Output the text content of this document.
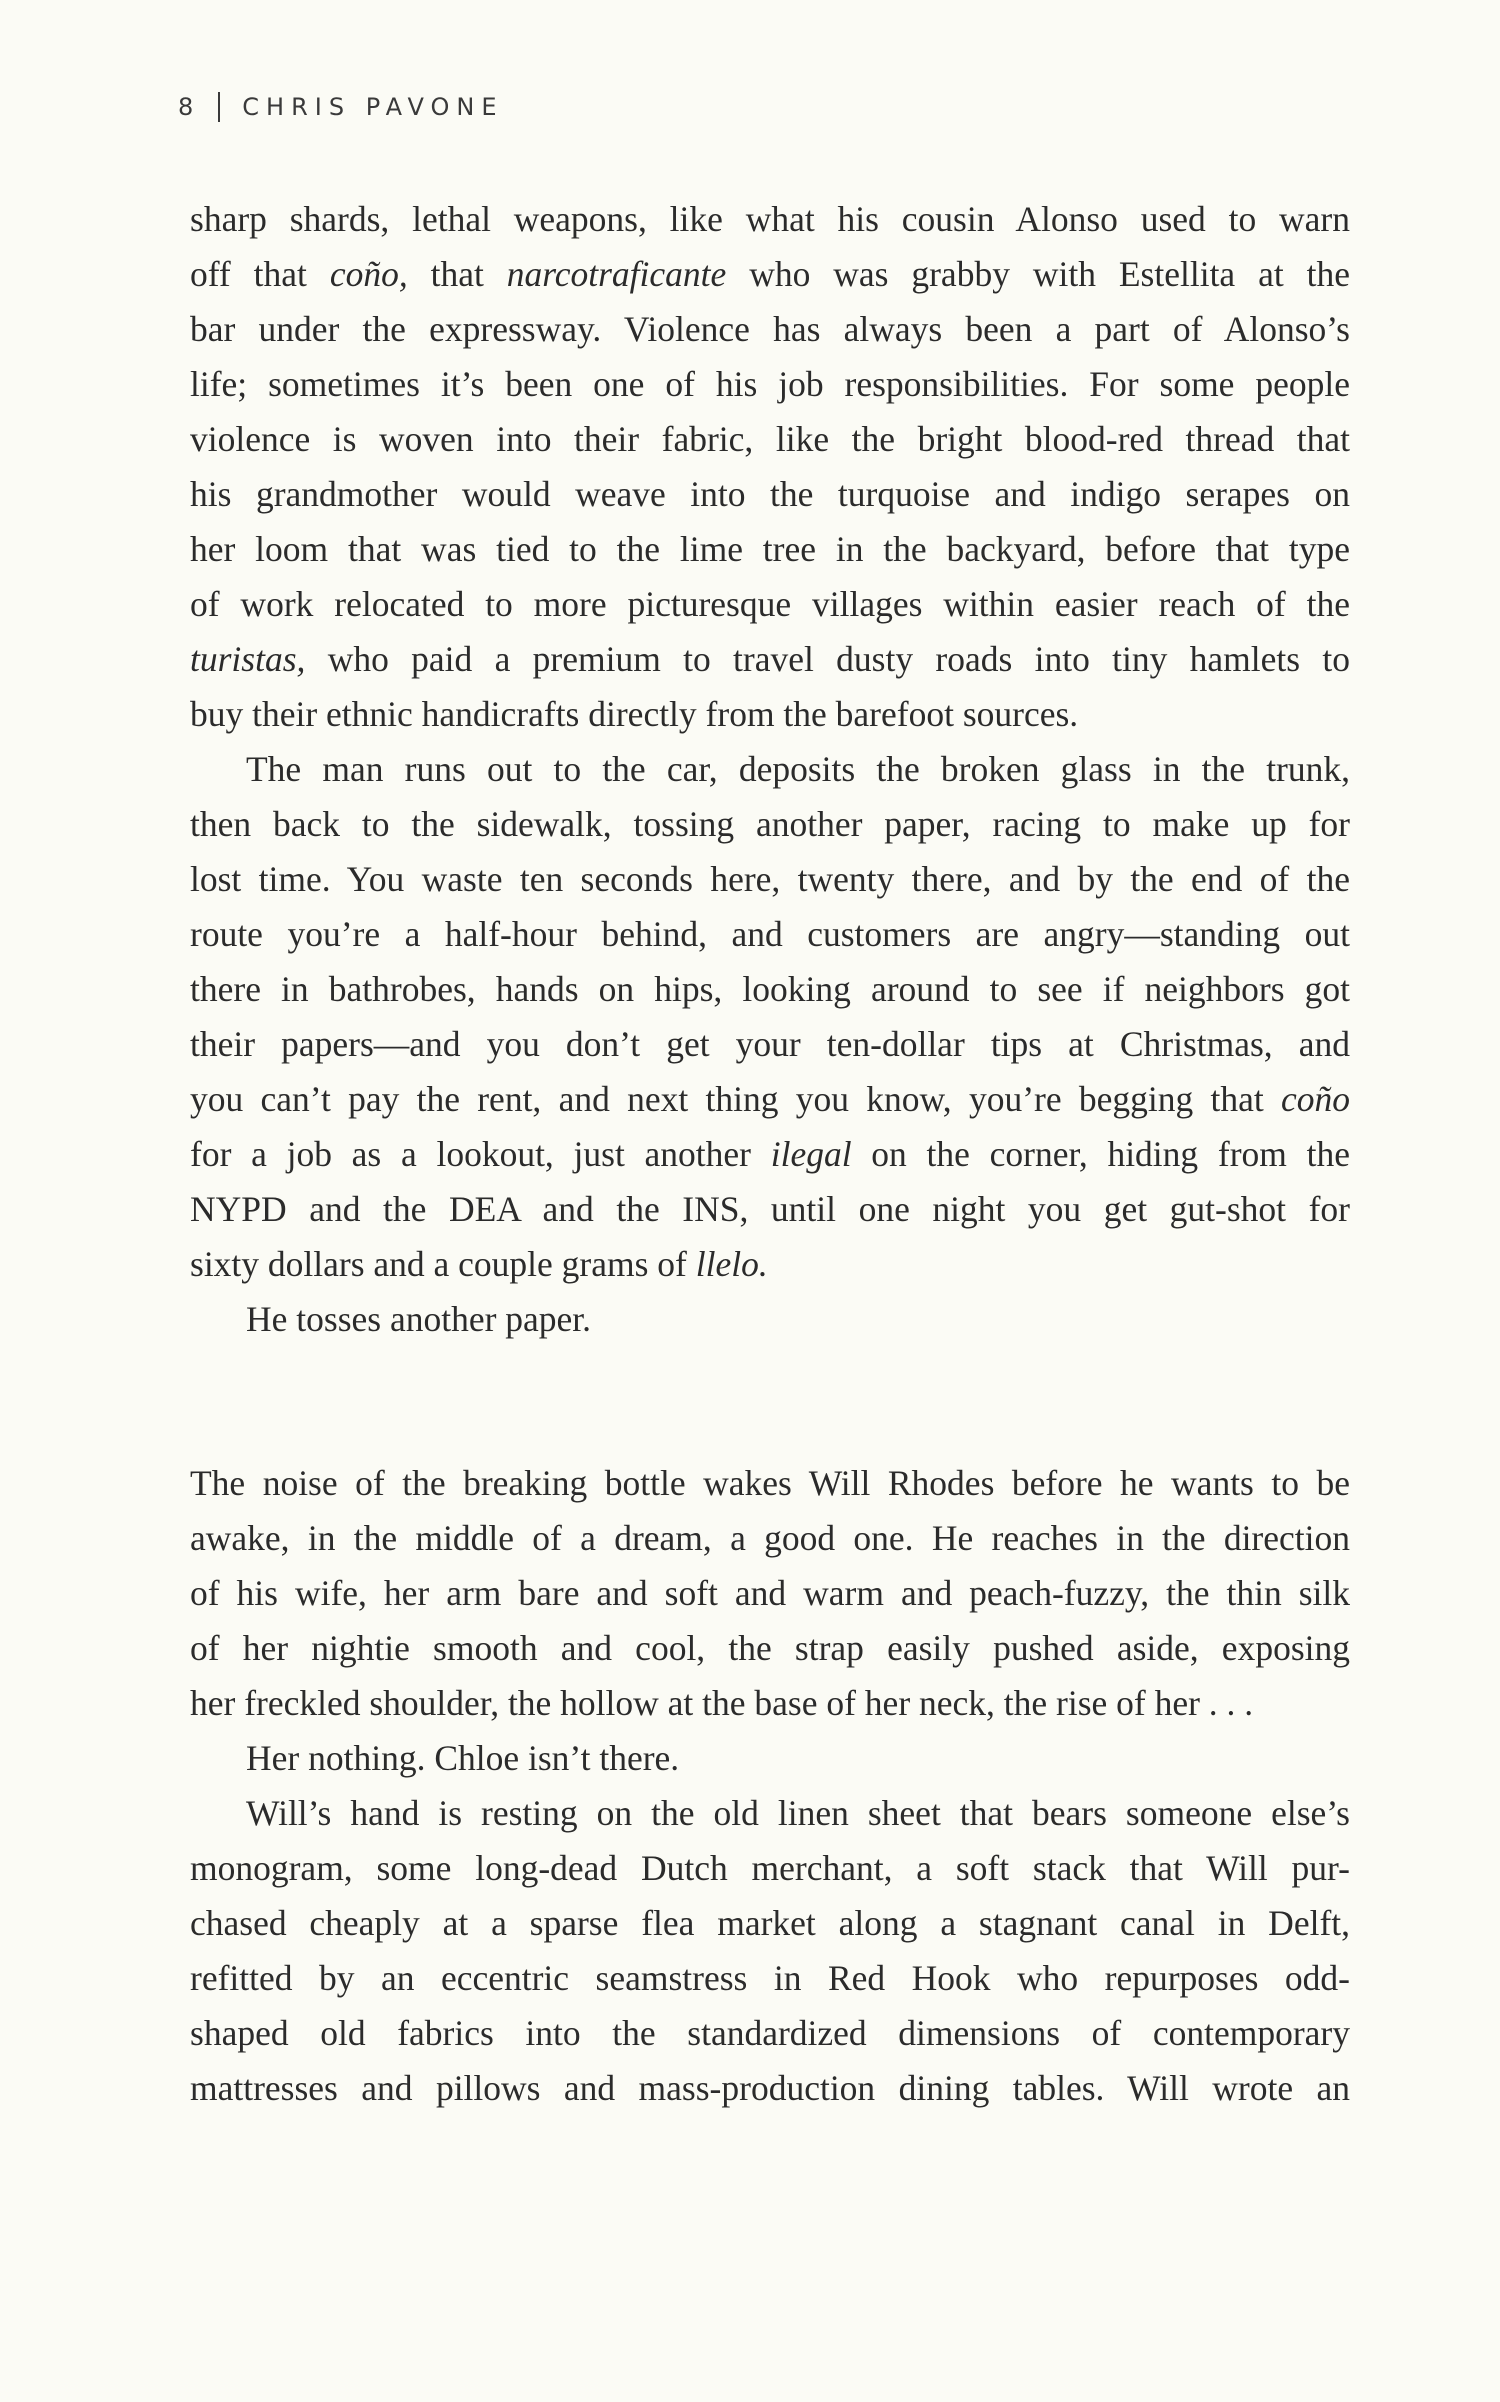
8 CHRIS PAVONE
sharp shards, lethal weapons, like what his cousin Alonso used to warn
off that coño, that narcotraficante who was grabby with Estellita at the
bar under the expressway. Violence has always been a part of Alonso’s
life; sometimes it’s been one of his job responsibilities. For some people
violence is woven into their fabric, like the bright blood-red thread that
his grandmother would weave into the turquoise and indigo serapes on
her loom that was tied to the lime tree in the backyard, before that type
of work relocated to more picturesque villages within easier reach of the
turistas, who paid a premium to travel dusty roads into tiny hamlets to
buy their ethnic handicrafts directly from the barefoot sources.
The man runs out to the car, deposits the broken glass in the trunk,
then back to the sidewalk, tossing another paper, racing to make up for
lost time. You waste ten seconds here, twenty there, and by the end of the
route you’re a half-hour behind, and customers are angry—standing out
there in bathrobes, hands on hips, looking around to see if neighbors got
their papers—and you don’t get your ten-dollar tips at Christmas, and
you can’t pay the rent, and next thing you know, you’re begging that coño
for a job as a lookout, just another ilegal on the corner, hiding from the
NYPD and the DEA and the INS, until one night you get gut-shot for
sixty dollars and a couple grams of llelo.
He tosses another paper.
The noise of the breaking bottle wakes Will Rhodes before he wants to be
awake, in the middle of a dream, a good one. He reaches in the direction
of his wife, her arm bare and soft and warm and peach-fuzzy, the thin silk
of her nightie smooth and cool, the strap easily pushed aside, exposing
her freckled shoulder, the hollow at the base of her neck, the rise of her . . .
Her nothing. Chloe isn’t there.
Will’s hand is resting on the old linen sheet that bears someone else’s
monogram, some long-dead Dutch merchant, a soft stack that Will pur-
chased cheaply at a sparse flea market along a stagnant canal in Delft,
refitted by an eccentric seamstress in Red Hook who repurposes odd-
shaped old fabrics into the standardized dimensions of contemporary
mattresses and pillows and mass-production dining tables. Will wrote an
